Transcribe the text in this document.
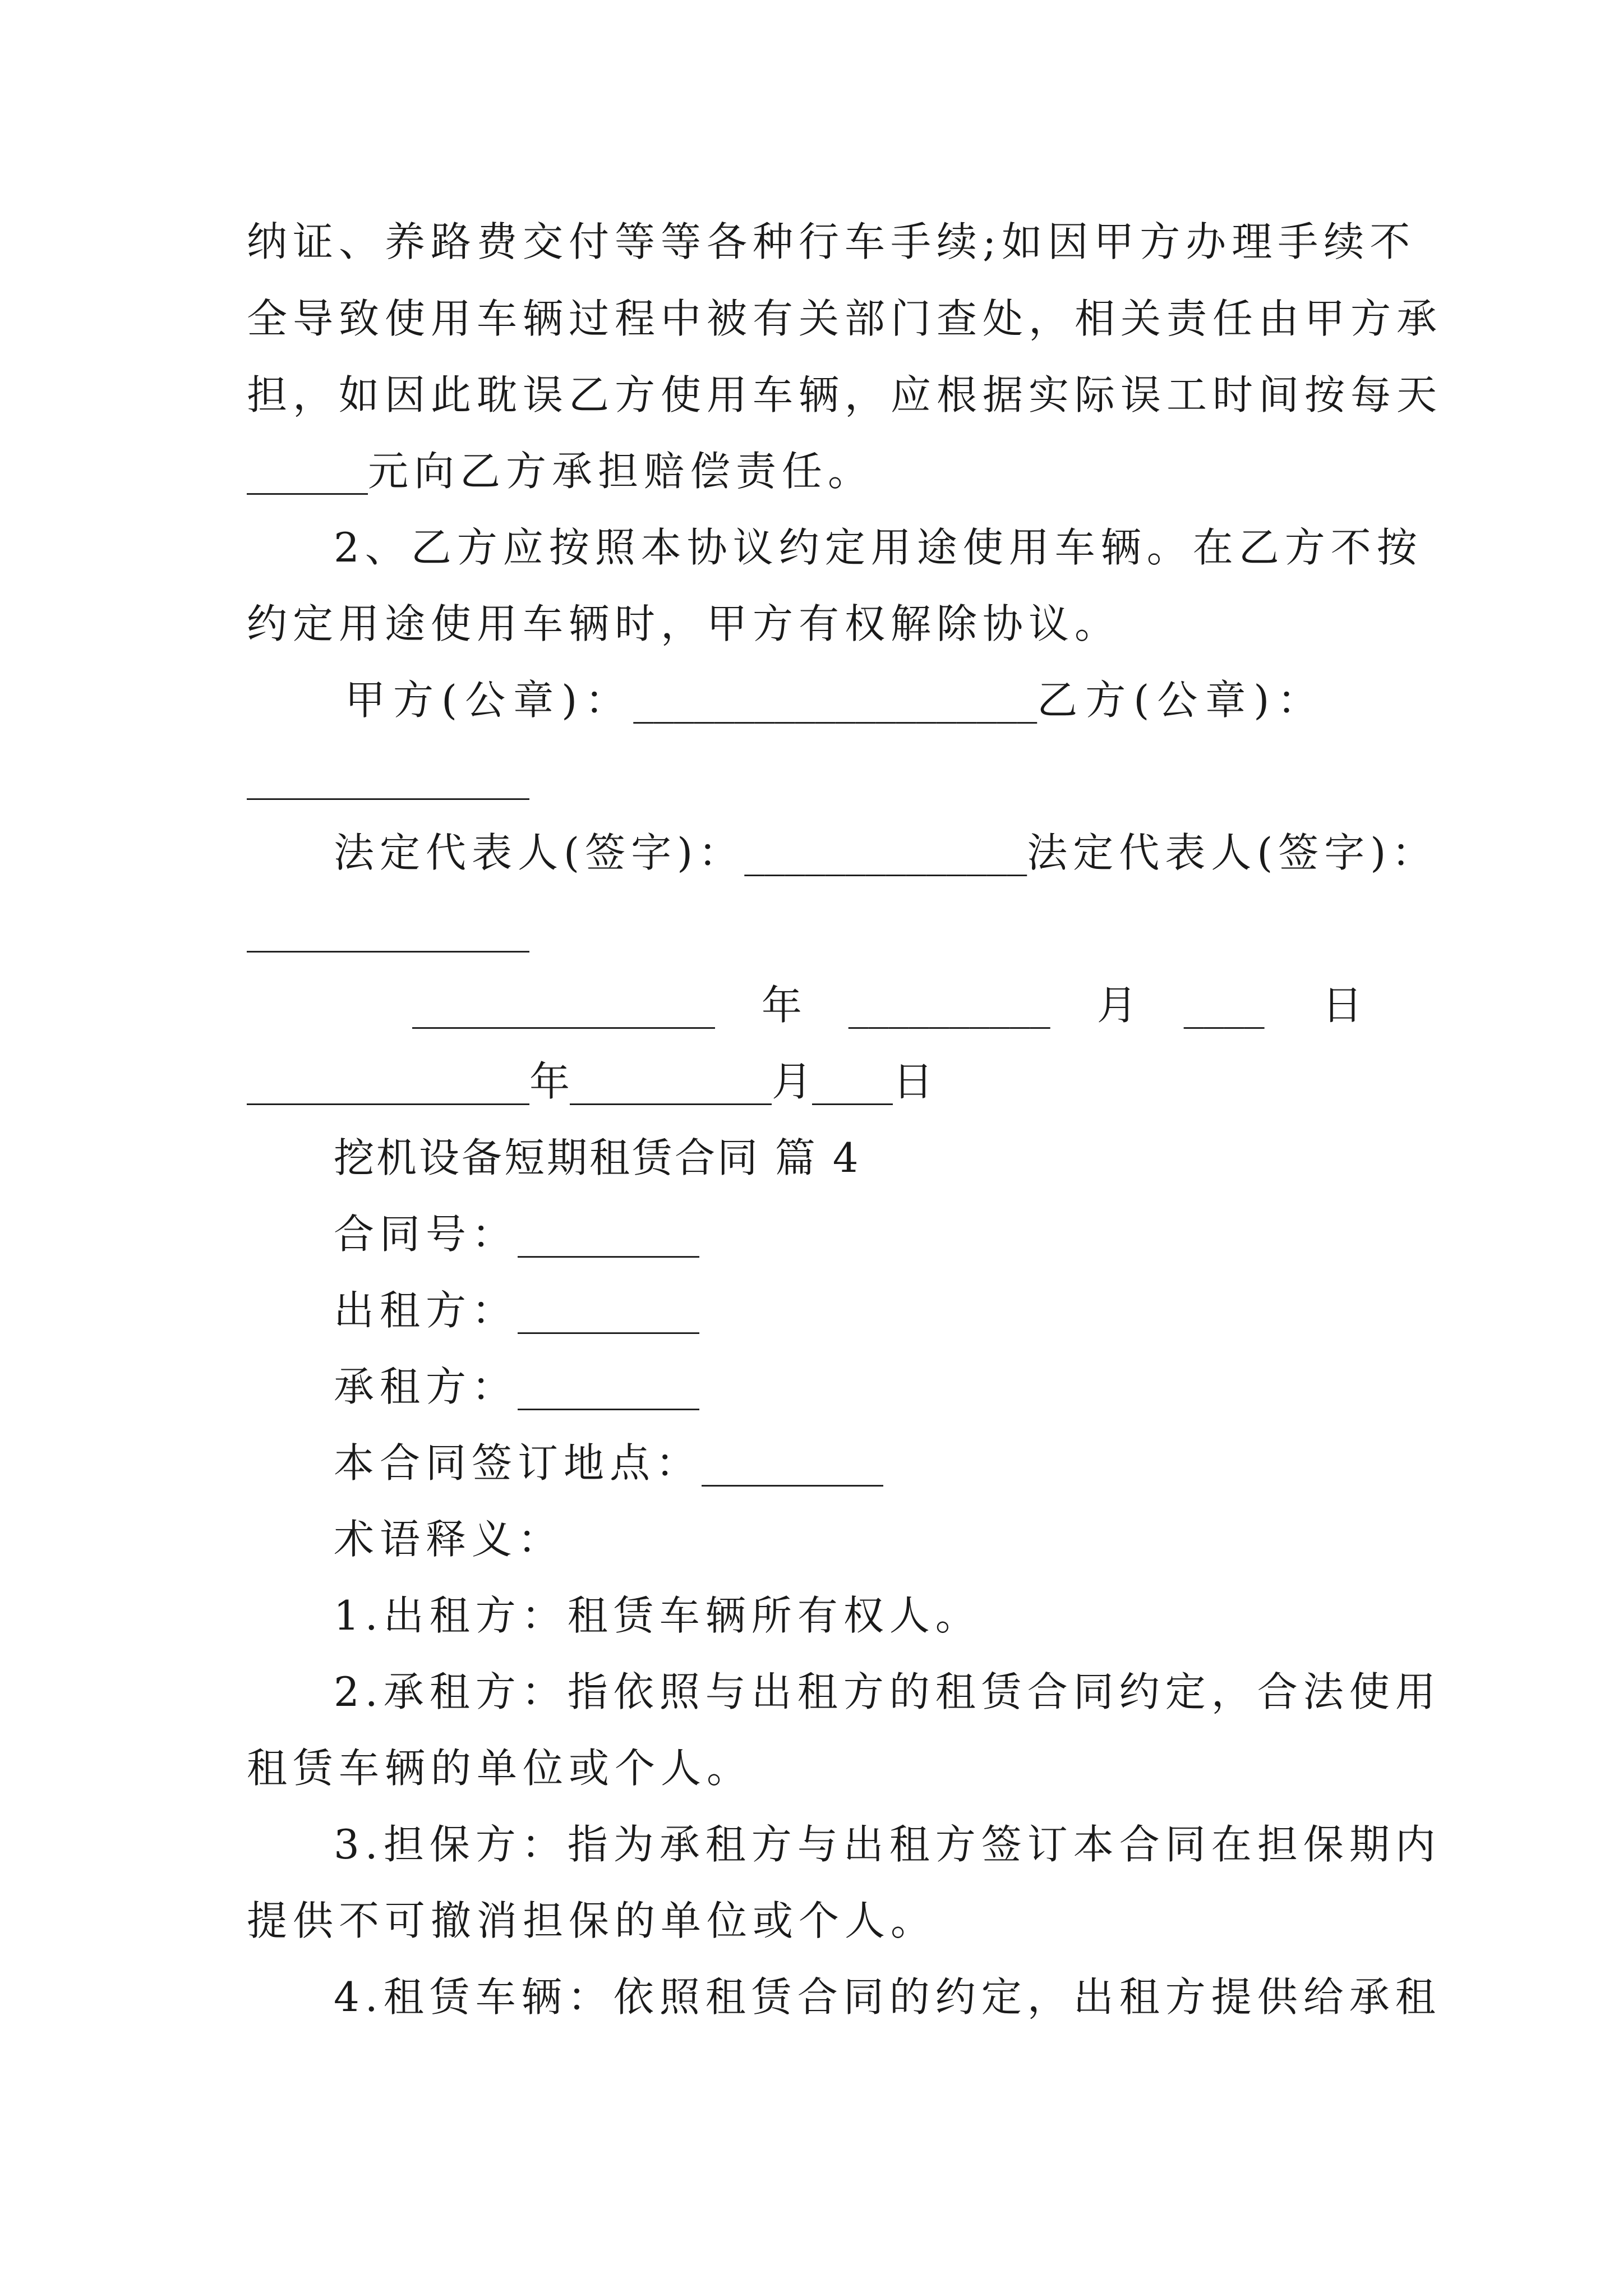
纳证、养路费交付等等各种行车手续;如因甲方办理手续不
全导致使用车辆过程中被有关部门查处，相关责任由甲方承
担，如因此耽误乙方使用车辆，应根据实际误工时间按每天
______元向乙方承担赔偿责任。
2、乙方应按照本协议约定用途使用车辆。在乙方不按
约定用途使用车辆时，甲方有权解除协议。
甲方(公章)：____________________乙方(公章)：
______________
法定代表人(签字)：______________法定代表人(签字)：
______________
_______________ 年 __________ 月 ____ 日
______________年__________月____日
挖机设备短期租赁合同 篇 4
合同号：_________
出租方：_________
承租方：_________
本合同签订地点：_________
术语释义：
1.出租方：租赁车辆所有权人。
2.承租方：指依照与出租方的租赁合同约定，合法使用
租赁车辆的单位或个人。
3.担保方：指为承租方与出租方签订本合同在担保期内
提供不可撤消担保的单位或个人。
4.租赁车辆：依照租赁合同的约定，出租方提供给承租
